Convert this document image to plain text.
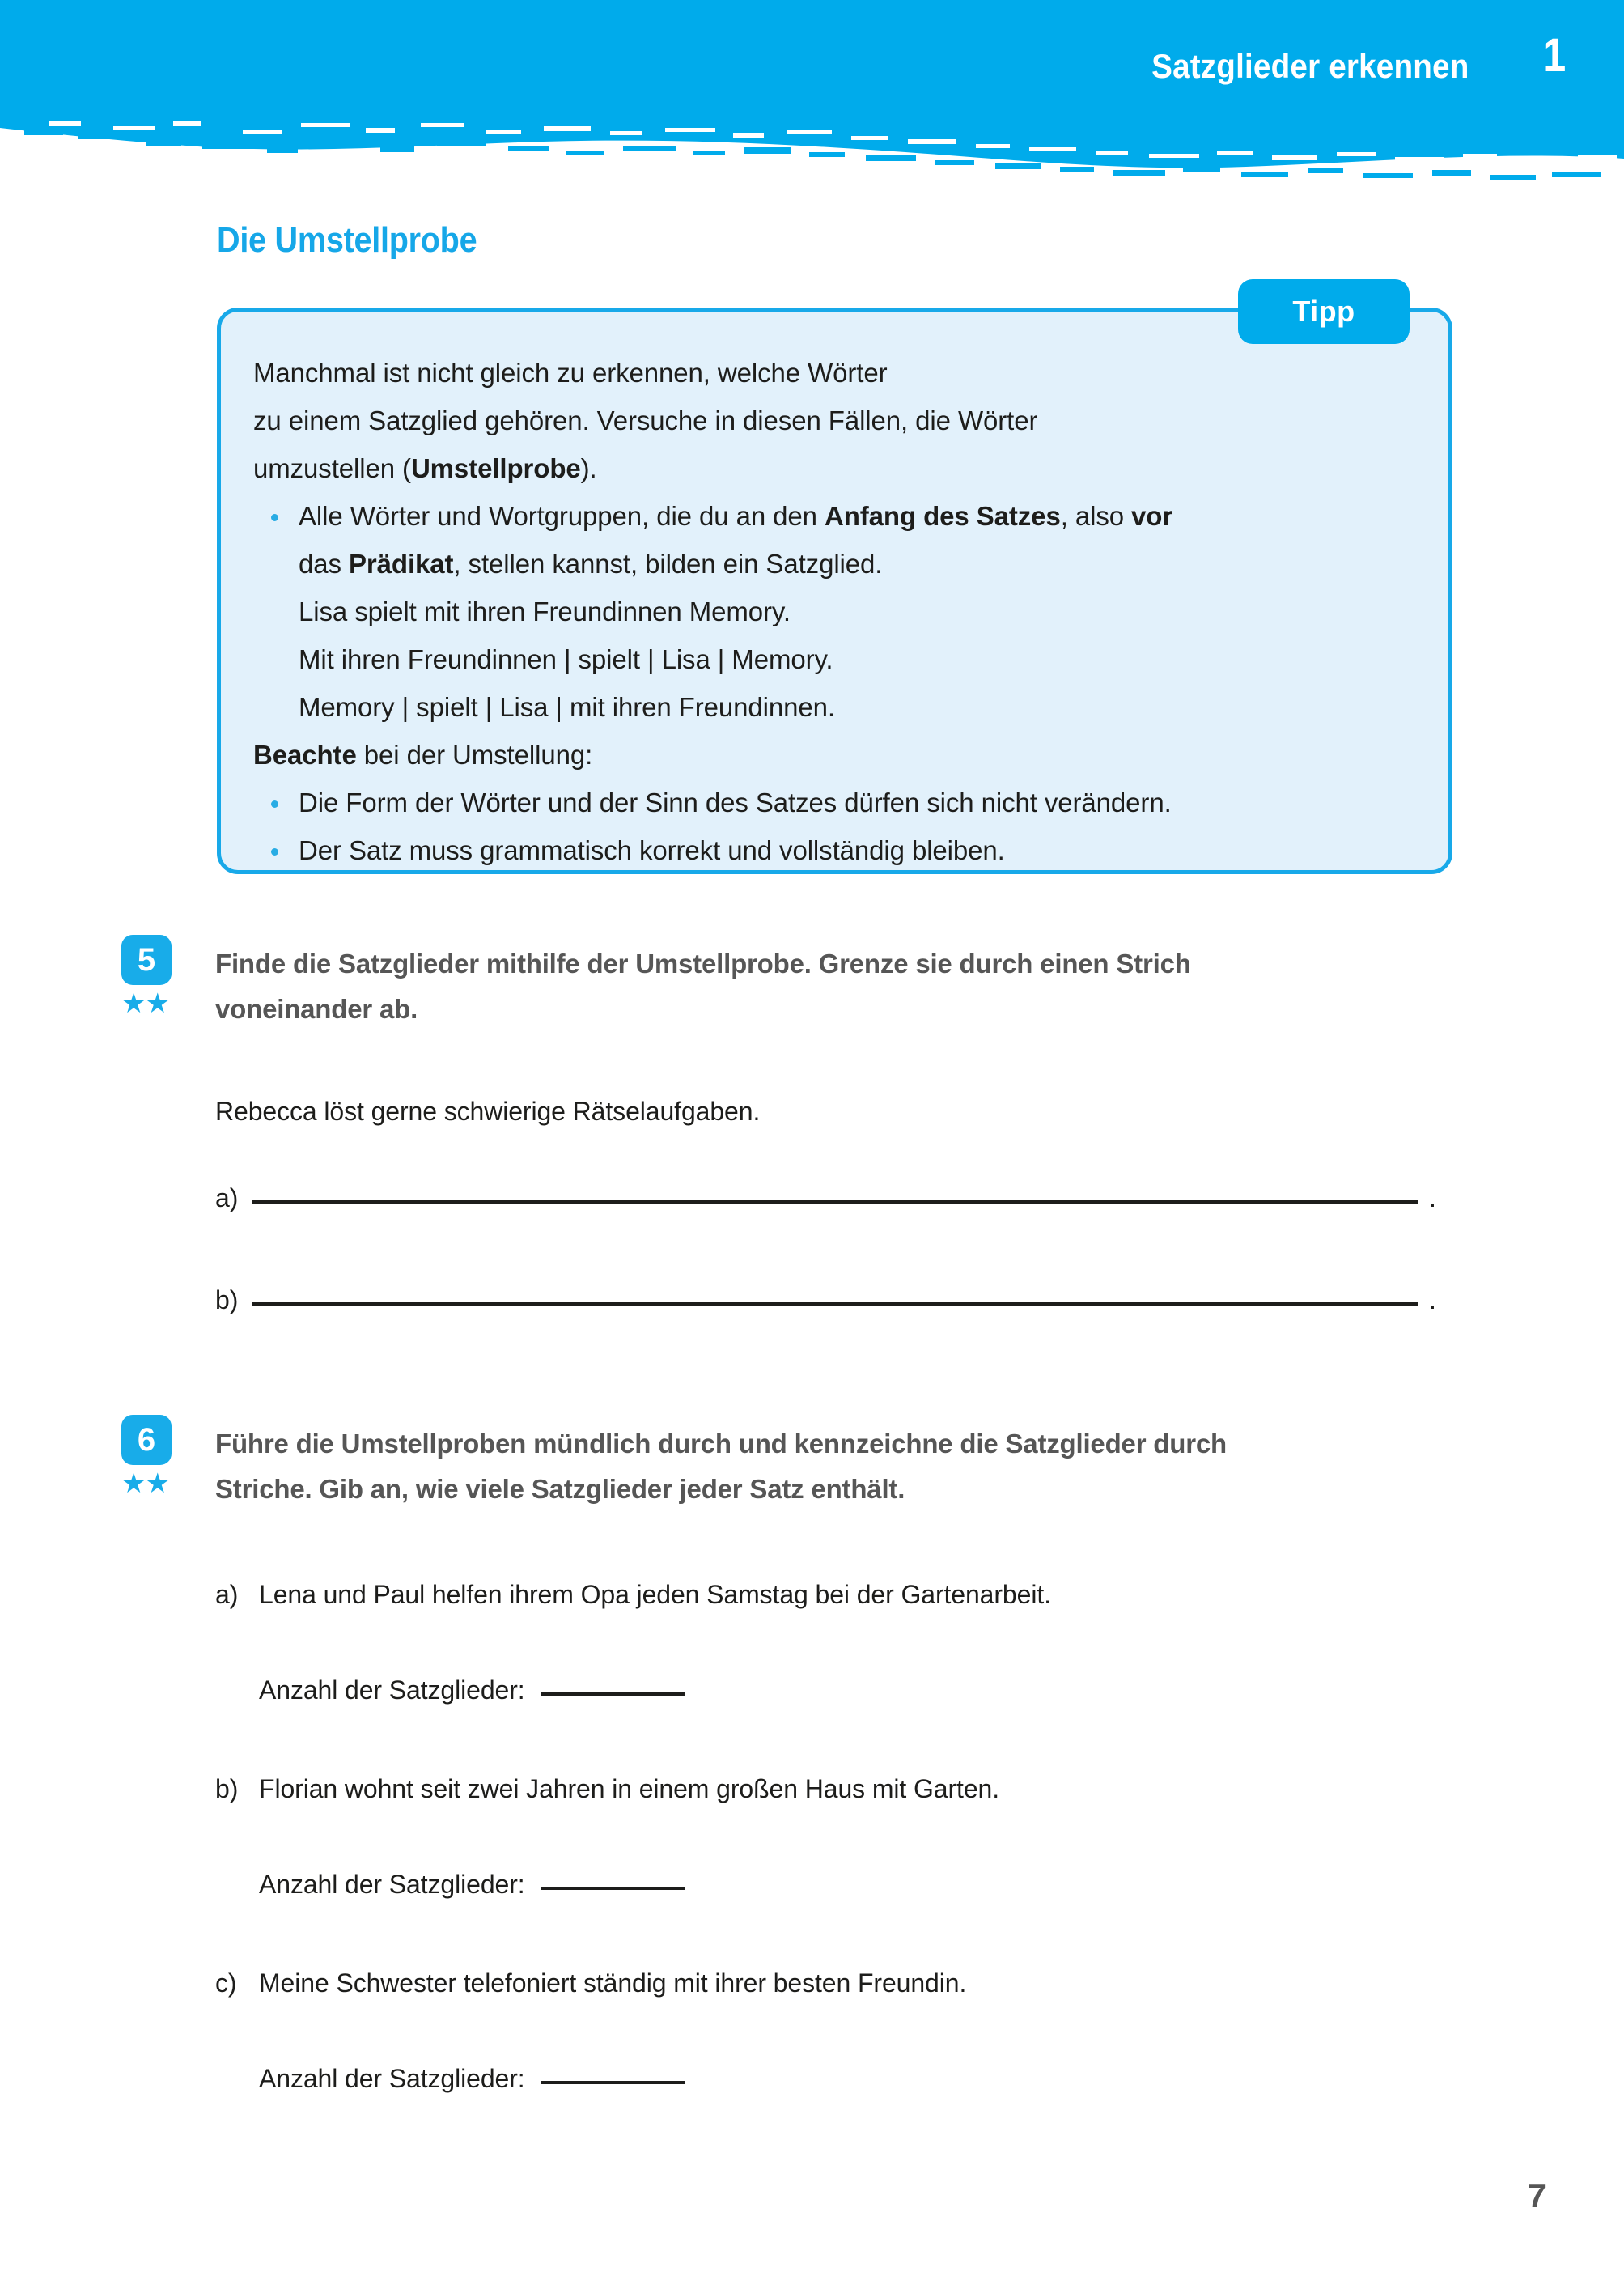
Satzglieder erkennen 1
Die Umstellprobe
Tipp
Manchmal ist nicht gleich zu erkennen, welche Wörter
zu einem Satzglied gehören. Versuche in diesen Fällen, die Wörter
umzustellen (Umstellprobe).
Alle Wörter und Wortgruppen, die du an den Anfang des Satzes, also vor
das Prädikat, stellen kannst, bilden ein Satzglied.
Lisa spielt mit ihren Freundinnen Memory.
Mit ihren Freundinnen | spielt | Lisa | Memory.
Memory | spielt | Lisa | mit ihren Freundinnen.
Beachte bei der Umstellung:
Die Form der Wörter und der Sinn des Satzes dürfen sich nicht verändern.
Der Satz muss grammatisch korrekt und vollständig bleiben.
5
★★
Finde die Satzglieder mithilfe der Umstellprobe. Grenze sie durch einen Strich
voneinander ab.
Rebecca löst gerne schwierige Rätselaufgaben.
a)	.
b)	.
6
★★
Führe die Umstellproben mündlich durch und kennzeichne die Satzglieder durch
Striche. Gib an, wie viele Satzglieder jeder Satz enthält.
a) Lena und Paul helfen ihrem Opa jeden Samstag bei der Gartenarbeit.
Anzahl der Satzglieder:
b) Florian wohnt seit zwei Jahren in einem großen Haus mit Garten.
Anzahl der Satzglieder:
c) Meine Schwester telefoniert ständig mit ihrer besten Freundin.
Anzahl der Satzglieder:
7
